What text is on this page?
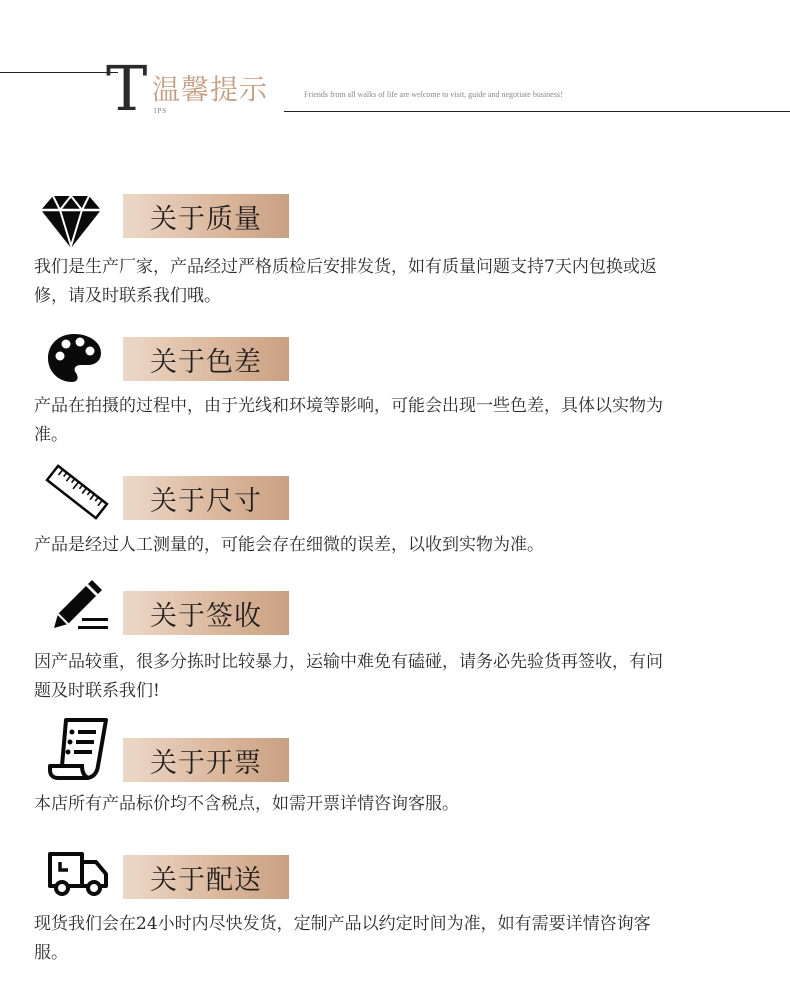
T 温馨提示
IPS
Friends from all walks of life are welcome to visit, guide and negotiate business!
关于质量
我们是生产厂家，产品经过严格质检后安排发货，如有质量问题支持7天内包换或返修，请及时联系我们哦。
关于色差
产品在拍摄的过程中，由于光线和环境等影响，可能会出现一些色差，具体以实物为准。
关于尺寸
产品是经过人工测量的，可能会存在细微的误差，以收到实物为准。
关于签收
因产品较重，很多分拣时比较暴力，运输中难免有磕碰，请务必先验货再签收，有问题及时联系我们!
关于开票
本店所有产品标价均不含税点，如需开票详情咨询客服。
关于配送
现货我们会在24小时内尽快发货，定制产品以约定时间为准，如有需要详情咨询客服。
